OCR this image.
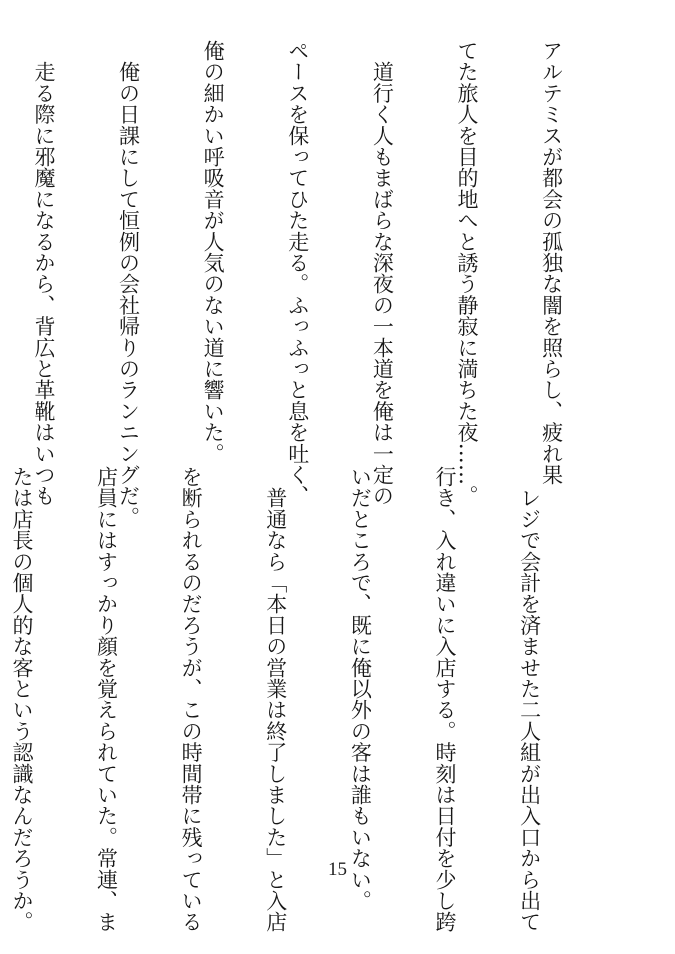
アルテミスが都会の孤独な闇を照らし、疲れ果

てた旅人を目的地へと誘う静寂に満ちた夜……。

　道行く人もまばらな深夜の一本道を俺は一定の

ペースを保ってひた走る。ふっふっと息を吐く、

俺の細かい呼吸音が人気のない道に響いた。

　俺の日課にして恒例の会社帰りのランニングだ。

　走る際に邪魔になるから、背広と革靴はいつも

　レジで会計を済ませた二人組が出入口から出て

行き、入れ違いに入店する。時刻は日付を少し跨

いだところで、既に俺以外の客は誰もいない。

　普通なら「本日の営業は終了しました」と入店

を断られるのだろうが、この時間帯に残っている

店員にはすっかり顔を覚えられていた。常連、ま

たは店長の個人的な客という認識なんだろうか。

	15
